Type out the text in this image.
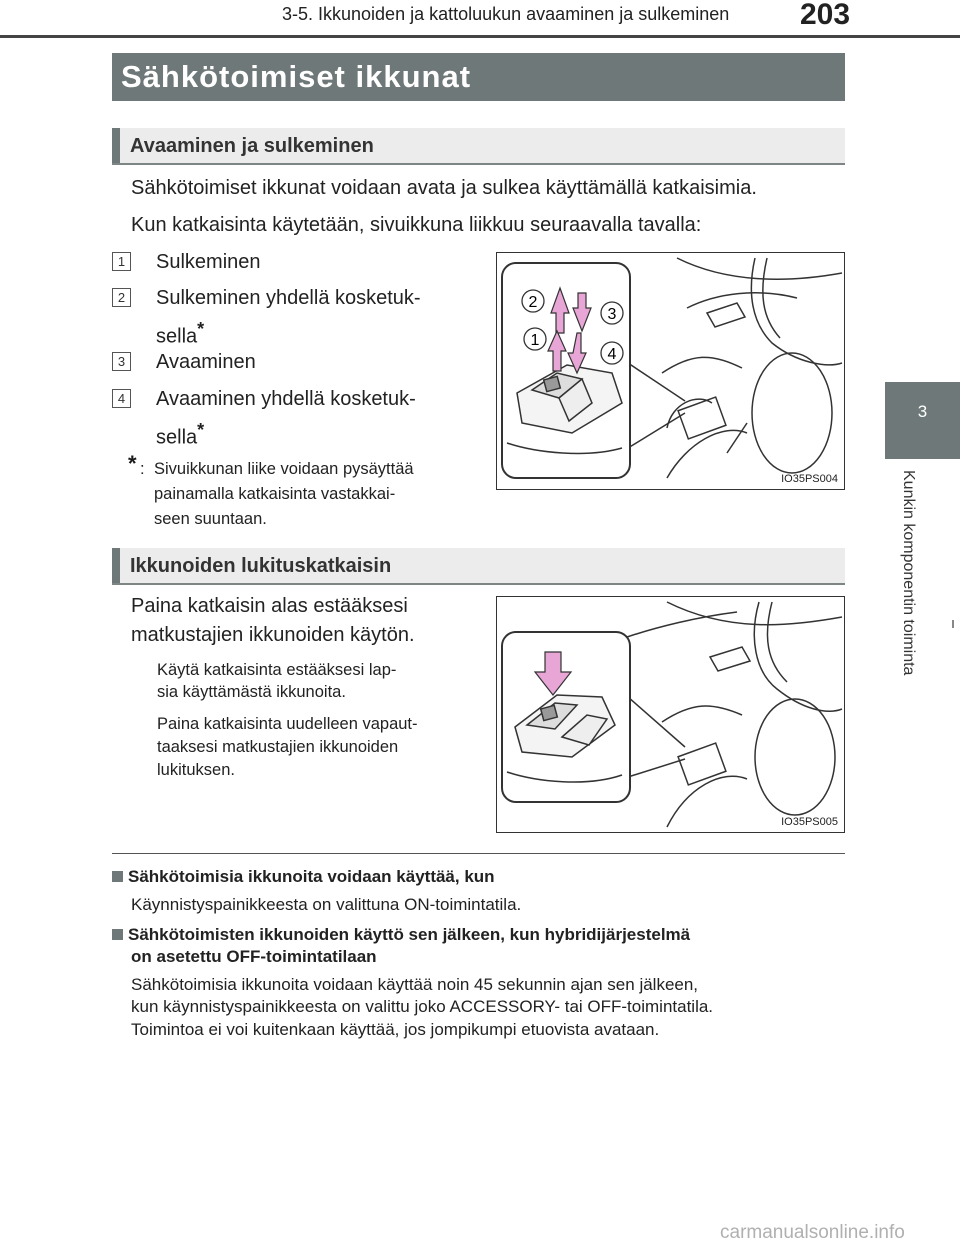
3-5. Ikkunoiden ja kattoluukun avaaminen ja sulkeminen 203
3
Kunkin komponentin toiminta
Sähkötoimiset ikkunat
Avaaminen ja sulkeminen
Sähkötoimiset ikkunat voidaan avata ja sulkea käyttämällä katkaisimia.
Kun katkaisinta käytetään, sivuikkuna liikkuu seuraavalla tavalla:
1 Sulkeminen
2 Sulkeminen yhdellä kosketuk-
sella*
3 Avaaminen
4 Avaaminen yhdellä kosketuk-
sella*
* : Sivuikkunan liike voidaan pysäyttää
painamalla katkaisinta vastakkai-
seen suuntaan.
2
3
1
4
IO35PS004
Ikkunoiden lukituskatkaisin
Paina katkaisin alas estääksesi
matkustajien ikkunoiden käytön.
Käytä katkaisinta estääksesi lap-
sia käyttämästä ikkunoita.
Paina katkaisinta uudelleen vapaut-
taaksesi matkustajien ikkunoiden
lukituksen.
IO35PS005
Sähkötoimisia ikkunoita voidaan käyttää, kun
Käynnistyspainikkeesta on valittuna ON-toimintatila.
Sähkötoimisten ikkunoiden käyttö sen jälkeen, kun hybridijärjestelmä
on asetettu OFF-toimintatilaan
Sähkötoimisia ikkunoita voidaan käyttää noin 45 sekunnin ajan sen jälkeen,
kun käynnistyspainikkeesta on valittu joko ACCESSORY- tai OFF-toimintatila.
Toimintoa ei voi kuitenkaan käyttää, jos jompikumpi etuovista avataan.
carmanualsonline.info
